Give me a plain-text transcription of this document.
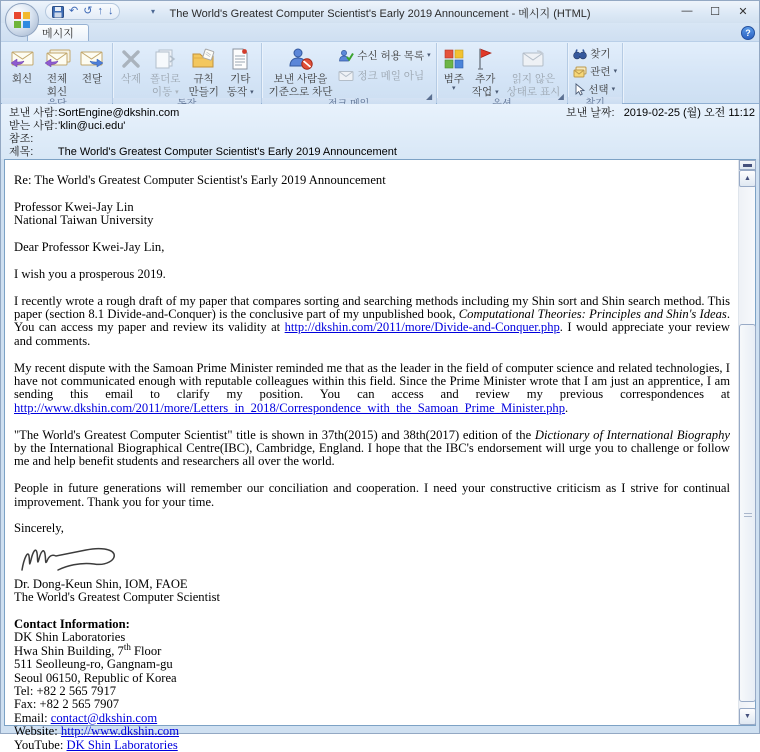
The World's Greatest Computer Scientist's Early 2019 Announcement - 메시지 (HTML)	—	☐	✕
↶ ↺ ↑ ↓	▾
메시지	?
회신 전체
회신
전달 삭제 폴더로
이동 ▾
규칙
만들기
기타
동작 ▾
보낸 사람을
기준으로 차단
수신 허용 목록 ▾
정크 메일 아님
◢
범주
▾
추가
작업 ▾
읽지 않은
상태로 표시
◢
찾기
관련 ▾
선택 ▾
보낸 사람: SortEngine@dkshin.com	보낸 날짜: 2019-02-25 (월) 오전 11:12
받는 사람: 'klin@uci.edu'
참조:
제목: The World's Greatest Computer Scientist's Early 2019 Announcement

Re: The World's Greatest Computer Scientist's Early 2019 Announcement

Professor Kwei-Jay Lin
National Taiwan University

Dear Professor Kwei-Jay Lin,

I wish you a prosperous 2019.

I recently wrote a rough draft of my paper that compares sorting and searching methods including my Shin sort and Shin search method. This paper (section 8.1 Divide-and-Conquer) is the conclusive part of my unpublished book, Computational Theories: Principles and Shin's Ideas. You can access my paper and review its validity at http://dkshin.com/2011/more/Divide-and-Conquer.php. I would appreciate your review and comments.

My recent dispute with the Samoan Prime Minister reminded me that as the leader in the field of computer science and related technologies, I have not communicated enough with reputable colleagues within this field. Since the Prime Minister wrote that I am just an apprentice, I am sending this email to clarify my position. You can access and review my previous correspondences at http://www.dkshin.com/2011/more/Letters_in_2018/Correspondence_with_the_Samoan_Prime_Minister.php.

"The World's Greatest Computer Scientist" title is shown in 37th(2015) and 38th(2017) edition of the Dictionary of International Biography by the International Biographical Centre(IBC), Cambridge, England. I hope that the IBC's endorsement will urge you to challenge or follow me and help benefit students and researchers all over the world.

People in future generations will remember our conciliation and cooperation. I need your constructive criticism as I strive for continual improvement. Thank you for your time.

Sincerely,

Dr. Dong-Keun Shin, IOM, FAOE
The World's Greatest Computer Scientist
Contact Information:
DK Shin Laboratories
Hwa Shin Building, 7th Floor
511 Seolleung-ro, Gangnam-gu
Seoul 06150, Republic of Korea
Tel: +82 2 565 7917
Fax: +82 2 565 7907
Email: contact@dkshin.com
Website: http://www.dkshin.com
YouTube: DK Shin Laboratories
▲
▼
